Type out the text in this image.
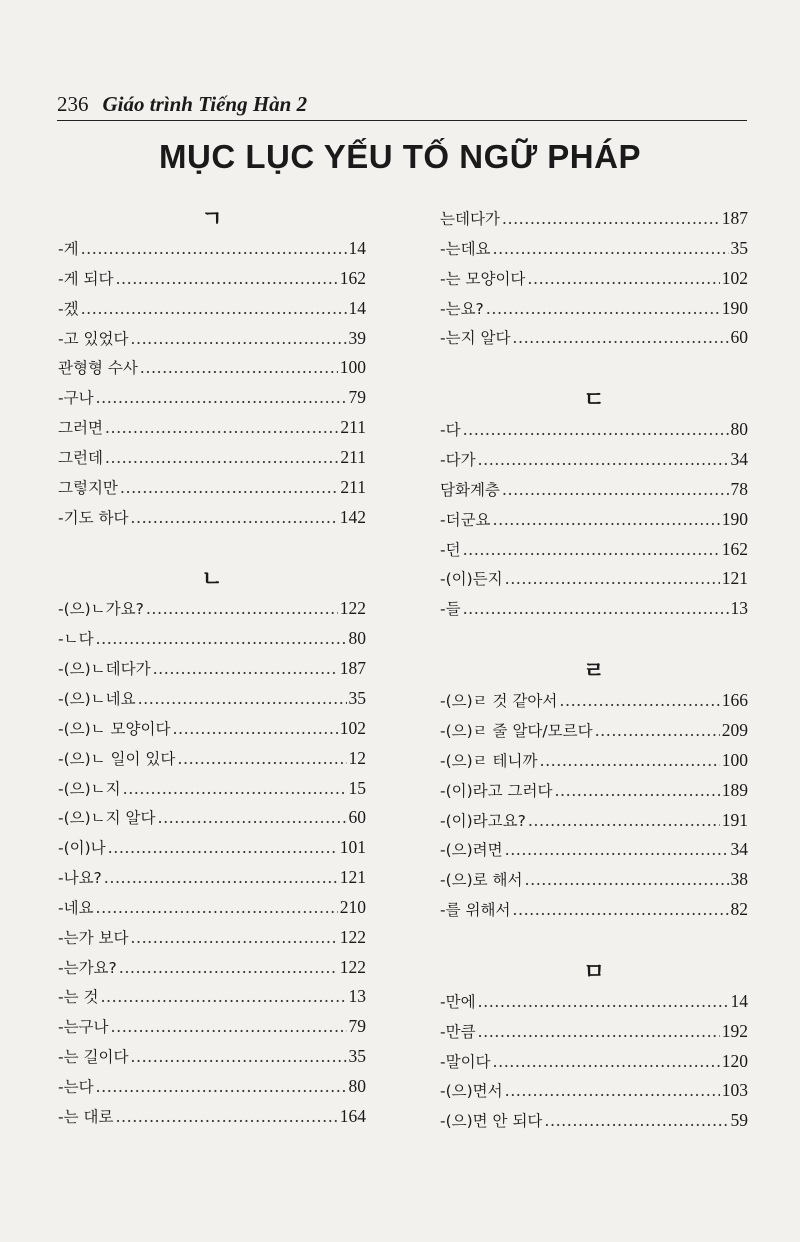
236 Giáo trình Tiếng Hàn 2
MỤC LỤC YẾU TỐ NGỮ PHÁP
ㄱ
-게 .....	14
-게 되다 .....	162
-겠 .....	14
-고 있었다 .....	39
관형형 수사 .....	100
-구나 .....	79
그러면 .....	211
그런데 .....	211
그렇지만 .....	211
-기도 하다 .....	142
ㄴ
-(으)ㄴ가요? .....	122
-ㄴ다 .....	80
-(으)ㄴ데다가 .....	187
-(으)ㄴ네요 .....	35
-(으)ㄴ 모양이다 .....	102
-(으)ㄴ 일이 있다 .....	12
-(으)ㄴ지 .....	15
-(으)ㄴ지 알다 .....	60
-(이)나 .....	101
-나요? .....	121
-네요 .....	210
-는가 보다 .....	122
-는가요? .....	122
-는 것 .....	13
-는구나 .....	79
-는 길이다 .....	35
-는다 .....	80
-는 대로 .....	164
는데다가 .....	187
-는데요 .....	35
-는 모양이다 .....	102
-는요? .....	190
-는지 알다 .....	60
ㄷ
-다 .....	80
-다가 .....	34
담화계층 .....	78
-더군요 .....	190
-던 .....	162
-(이)든지 .....	121
-들 .....	13
ㄹ
-(으)ㄹ 것 같아서 .....	166
-(으)ㄹ 줄 알다/모르다 .....	209
-(으)ㄹ 테니까 .....	100
-(이)라고 그러다 .....	189
-(이)라고요? .....	191
-(으)려면 .....	34
-(으)로 해서 .....	38
-를 위해서 .....	82
ㅁ
-만에 .....	14
-만큼 .....	192
-말이다 .....	120
-(으)면서 .....	103
-(으)면 안 되다 .....	59
